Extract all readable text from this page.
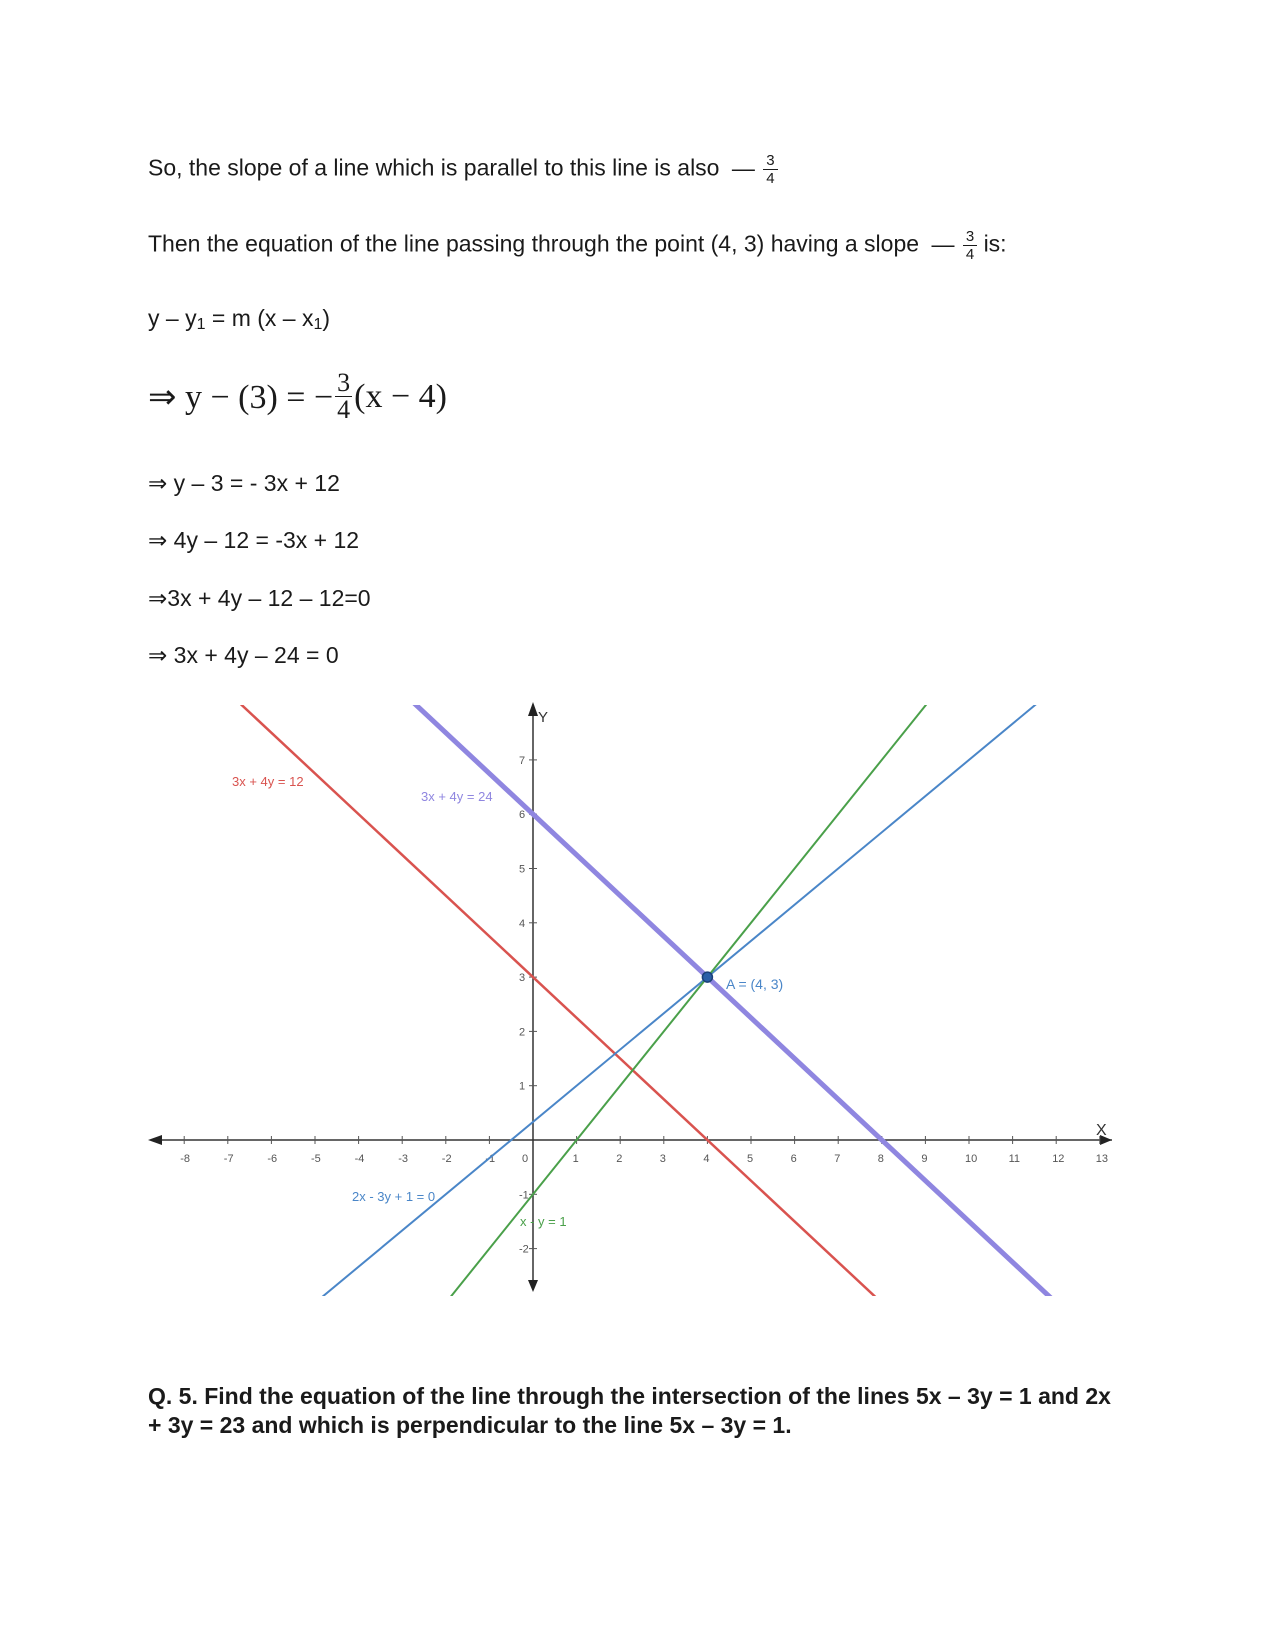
So, the slope of a line which is parallel to this line is also — $\frac{3}{4}$
Then the equation of the line passing through the point (4, 3) having a slope — $\frac{3}{4}$ is:
$y - y_1 = m$ $(x - x_1)$
⇒ y − (3) = − $\frac{3}{4} (x - 4)$
⇒ y – 3 = - 3x + 12
⇒ 4y – 12 = -3x + 12
⇒3x + 4y – 12 – 12=0
⇒ 3x + 4y – 24 = 0
X
Y
-8	-7	-6	-5	-4	-3	-2	-1 0	1	2	3	4	5	6	7	8	9	10	11	12	13
-2
-1
1
2
3
4
5
6
7
3x + 4y = 12
3x + 4y = 24
2x - 3y + 1 = 0
x - y = 1
A = (4, 3)
Q. 5. Find the equation of the line through the intersection of the lines 5x – 3y = 1 and 2x + 3y = 23 and which is perpendicular to the line 5x – 3y = 1.
